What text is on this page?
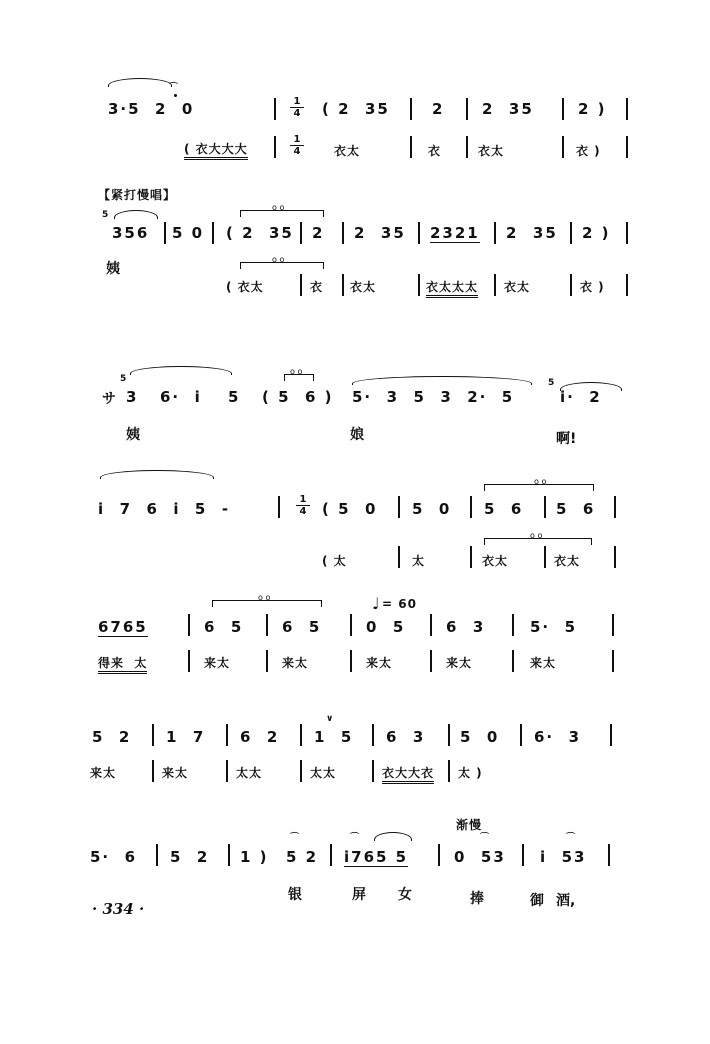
⌒
3·5  2  0	$\frac{1}{4}$ ( 2  35	2	2  35	2 )
( 衣大大大	$\frac{1}{4}$	衣太	衣	衣太	衣 )
【紧打慢唱】
5
356 5 0
o o
( 2  35 2 2  35 2321 2  35 2 )
姨
o o
( 衣太	衣 衣太	衣太太太 衣太	衣 )
o o
サ
5
3 6·  i 5 ( 5  6 ) 5·  3  5  3  2·  5
5
i·  2
姨	娘	啊!
o o
i  7  6  i  5  -	$\frac{1}{4}$ ( 5  0 5  0 5  6 5  6
( 太	太
o o
衣太	衣太
♩ = 60
o o
6765	6  5	6  5	0  5	6  3	5·  5
得来  太	来太	来太	来太	来太	来太
∨
5  2 1  7 6  2 1  5 6  3 5  0 6·  3
来太	来太	太太	太太	衣大大衣 太 )
渐慢
⌒	⌒	⌒	⌒
5·  6 5  2 1 ) 5 2 i765 5	0  53 i  53
银	屏 女	捧	御 酒,
· 334 ·
